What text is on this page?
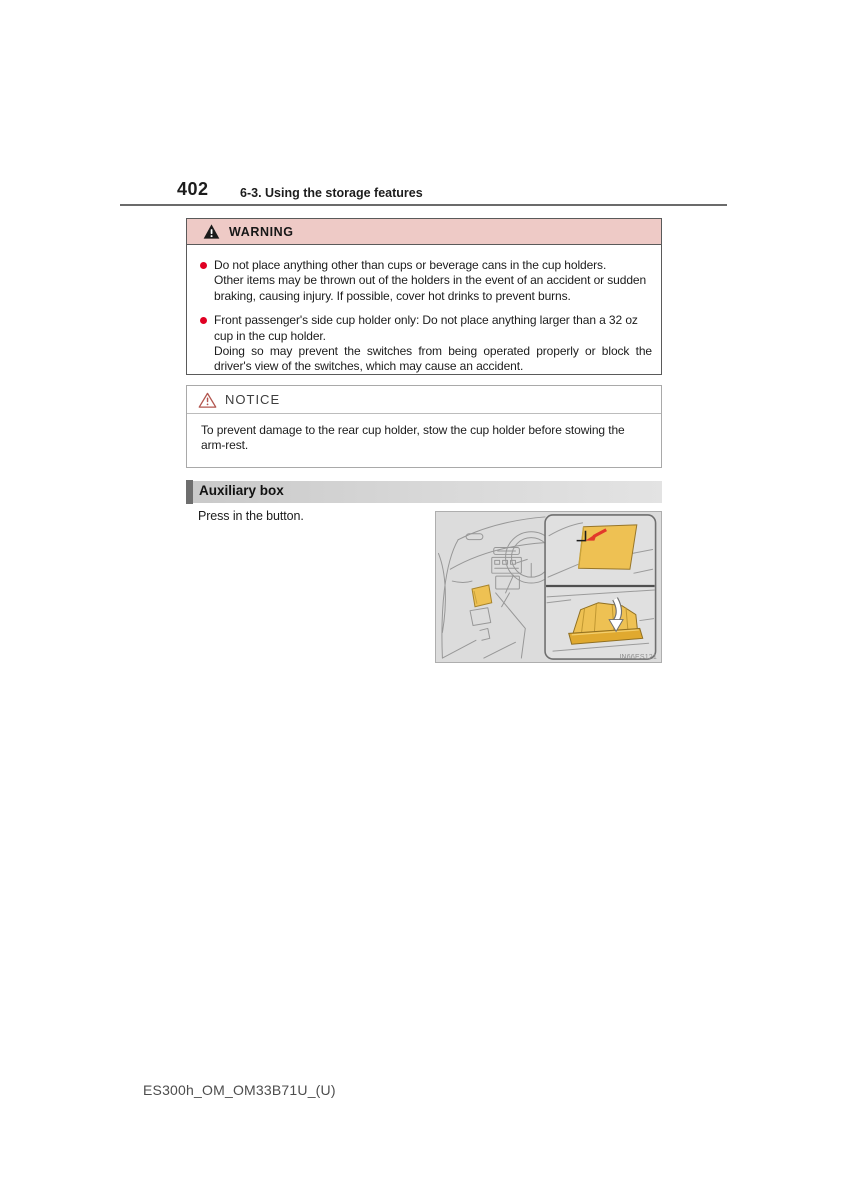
402	6-3. Using the storage features
WARNING

Do not place anything other than cups or beverage cans in the cup holders.

Other items may be thrown out of the holders in the event of an accident or sudden braking, causing injury. If possible, cover hot drinks to prevent burns.

Front passenger's side cup holder only: Do not place anything larger than a 32 oz cup in the cup holder.

Doing so may prevent the switches from being operated properly or block the driver's view of the switches, which may cause an accident.

NOTICE
To prevent damage to the rear cup holder, stow the cup holder before stowing the arm-rest.
Auxiliary box
Press in the button.
IN66ES121
ES300h_OM_OM33B71U_(U)
